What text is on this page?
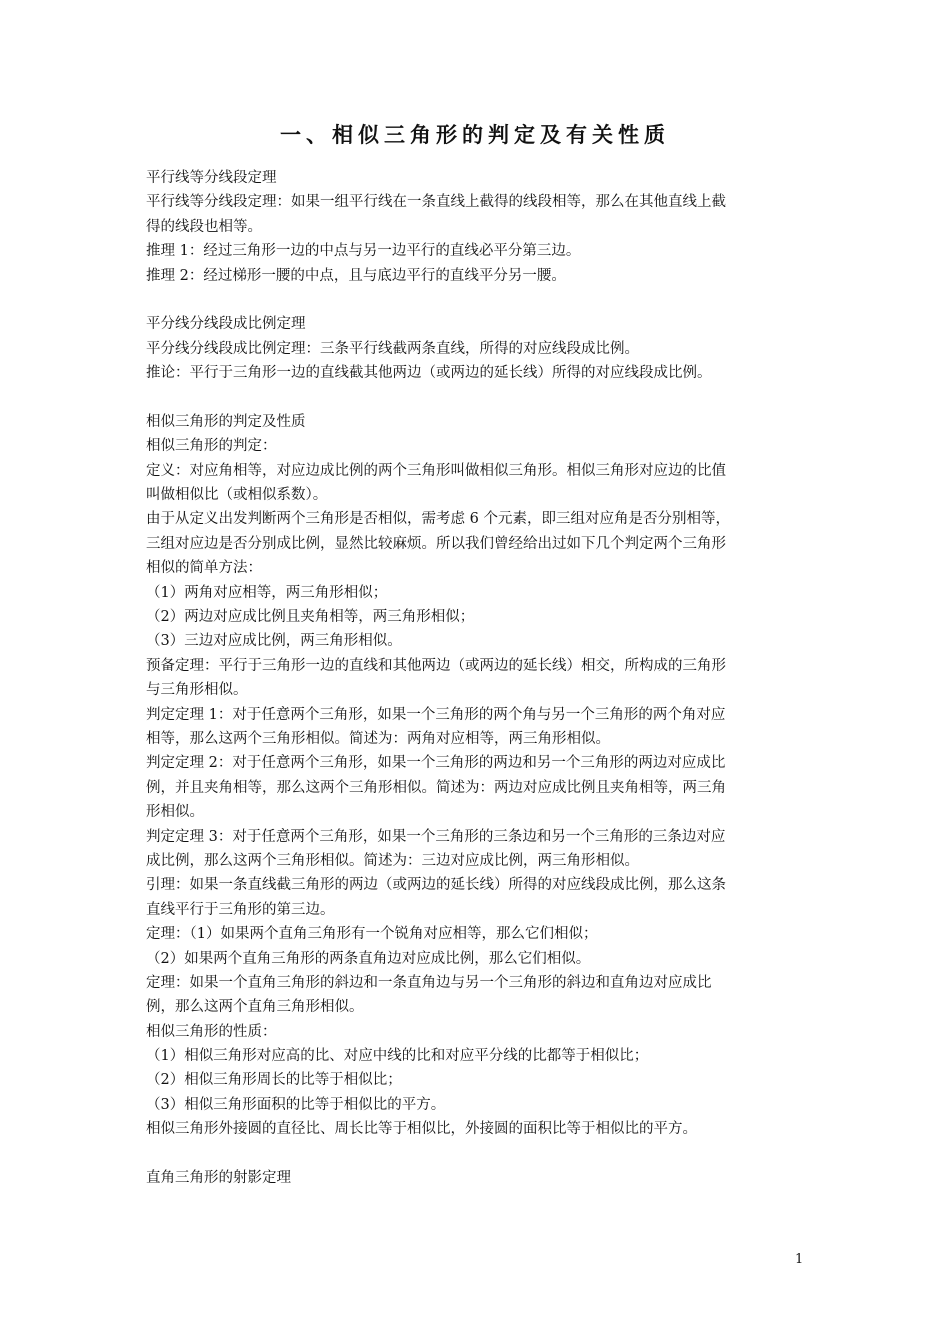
一、相似三角形的判定及有关性质
平行线等分线段定理
平行线等分线段定理：如果一组平行线在一条直线上截得的线段相等，那么在其他直线上截
得的线段也相等。
推理 1：经过三角形一边的中点与另一边平行的直线必平分第三边。
推理 2：经过梯形一腰的中点，且与底边平行的直线平分另一腰。
平分线分线段成比例定理
平分线分线段成比例定理：三条平行线截两条直线，所得的对应线段成比例。
推论：平行于三角形一边的直线截其他两边（或两边的延长线）所得的对应线段成比例。
相似三角形的判定及性质
相似三角形的判定：
定义：对应角相等，对应边成比例的两个三角形叫做相似三角形。相似三角形对应边的比值
叫做相似比（或相似系数）。
由于从定义出发判断两个三角形是否相似，需考虑 6 个元素，即三组对应角是否分别相等，
三组对应边是否分别成比例，显然比较麻烦。所以我们曾经给出过如下几个判定两个三角形
相似的简单方法：
（1）两角对应相等，两三角形相似；
（2）两边对应成比例且夹角相等，两三角形相似；
（3）三边对应成比例，两三角形相似。
预备定理：平行于三角形一边的直线和其他两边（或两边的延长线）相交，所构成的三角形
与三角形相似。
判定定理 1：对于任意两个三角形，如果一个三角形的两个角与另一个三角形的两个角对应
相等，那么这两个三角形相似。简述为：两角对应相等，两三角形相似。
判定定理 2：对于任意两个三角形，如果一个三角形的两边和另一个三角形的两边对应成比
例，并且夹角相等，那么这两个三角形相似。简述为：两边对应成比例且夹角相等，两三角
形相似。
判定定理 3：对于任意两个三角形，如果一个三角形的三条边和另一个三角形的三条边对应
成比例，那么这两个三角形相似。简述为：三边对应成比例，两三角形相似。
引理：如果一条直线截三角形的两边（或两边的延长线）所得的对应线段成比例，那么这条
直线平行于三角形的第三边。
定理：（1）如果两个直角三角形有一个锐角对应相等，那么它们相似；
（2）如果两个直角三角形的两条直角边对应成比例，那么它们相似。
定理：如果一个直角三角形的斜边和一条直角边与另一个三角形的斜边和直角边对应成比
例，那么这两个直角三角形相似。
相似三角形的性质：
（1）相似三角形对应高的比、对应中线的比和对应平分线的比都等于相似比；
（2）相似三角形周长的比等于相似比；
（3）相似三角形面积的比等于相似比的平方。
相似三角形外接圆的直径比、周长比等于相似比，外接圆的面积比等于相似比的平方。
直角三角形的射影定理
1
